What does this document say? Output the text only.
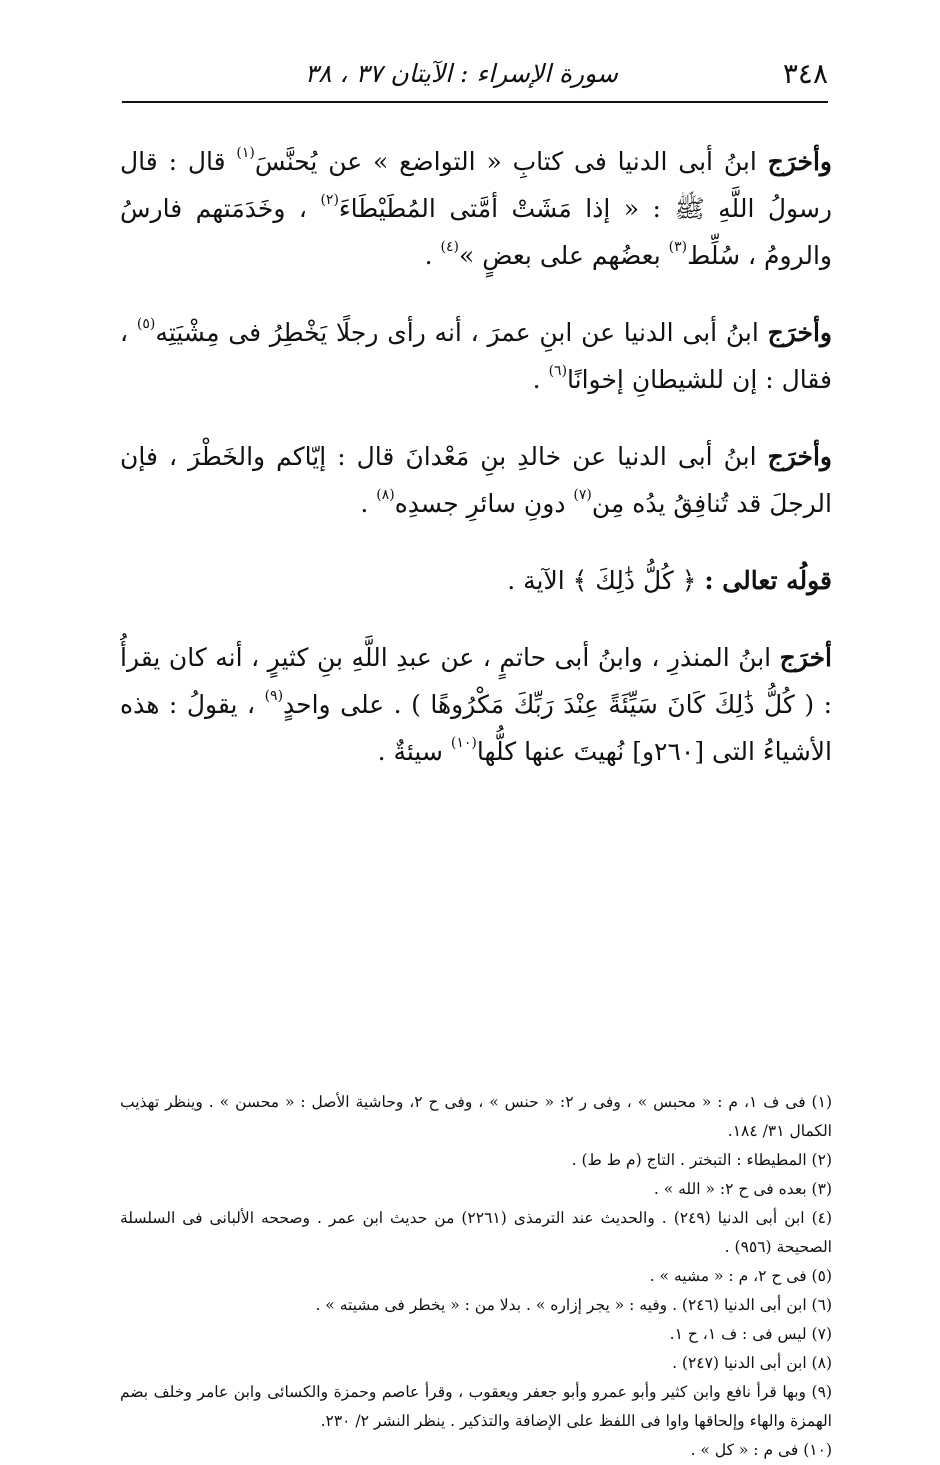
٣٤٨
سورة الإسراء : الآيتان ٣٧ ، ٣٨

وأخرَج ابنُ أبى الدنيا فى كتابِ « التواضع » عن يُحنَّسَ$^{(١)}$ قال : قال رسولُ اللَّهِ ﷺ : « إذا مَشَتْ أمَّتى المُطَيْطَاءَ$^{(٢)}$ ، وخَدَمَتهم فارسُ والرومُ ، سُلِّط$^{(٣)}$ بعضُهم على بعضٍ »$^{(٤)}$ .

وأخرَج ابنُ أبى الدنيا عن ابنِ عمرَ ، أنه رأى رجلًا يَخْطِرُ فى مِشْيَتِه$^{(٥)}$ ، فقال : إن للشيطانِ إخوانًا$^{(٦)}$ .

وأخرَج ابنُ أبى الدنيا عن خالدِ بنِ مَعْدانَ قال : إيّاكم والخَطْرَ ، فإن الرجلَ قد تُنافِقُ يدُه مِن$^{(٧)}$ دونِ سائرِ جسدِه$^{(٨)}$ .

قولُه تعالى : ﴿ كُلُّ ذَٰلِكَ ﴾ الآية .

أخرَج ابنُ المنذرِ ، وابنُ أبى حاتمٍ ، عن عبدِ اللَّهِ بنِ كثيرٍ ، أنه كان يقرأُ : ( كُلُّ ذَٰلِكَ كَانَ سَيِّئَةً عِنْدَ رَبِّكَ مَكْرُوهًا ) . على واحدٍ$^{(٩)}$ ، يقولُ : هذه الأشياءُ التى [٢٦٠و] نُهيتَ عنها كلُّها$^{(١٠)}$ سيئةٌ .

(١) فى ف ١، م : « محبس » ، وفى ر ٢: « حنس » ، وفى ح ٢، وحاشية الأصل : « محسن » . وينظر تهذيب الكمال ٣١/ ١٨٤.

(٢) المطيطاء : التبختر . التاج (م ط ط) .

(٣) بعده فى ح ٢: « الله » .

(٤) ابن أبى الدنيا (٢٤٩) . والحديث عند الترمذى (٢٢٦١) من حديث ابن عمر . وصححه الألبانى فى السلسلة الصحيحة (٩٥٦) .

(٥) فى ح ٢، م : « مشيه » .

(٦) ابن أبى الدنيا (٢٤٦) . وفيه : « يجر إزاره » . بدلا من : « يخطر فى مشيته » .

(٧) ليس فى : ف ١، ح ١.

(٨) ابن أبى الدنيا (٢٤٧) .

(٩) وبها قرأ نافع وابن كثير وأبو عمرو وأبو جعفر ويعقوب ، وقرأ عاصم وحمزة والكسائى وابن عامر وخلف بضم الهمزة والهاء وإلحاقها واوا فى اللفظ على الإضافة والتذكير . ينظر النشر ٢/ ٢٣٠.

(١٠) فى م : « كل » .
